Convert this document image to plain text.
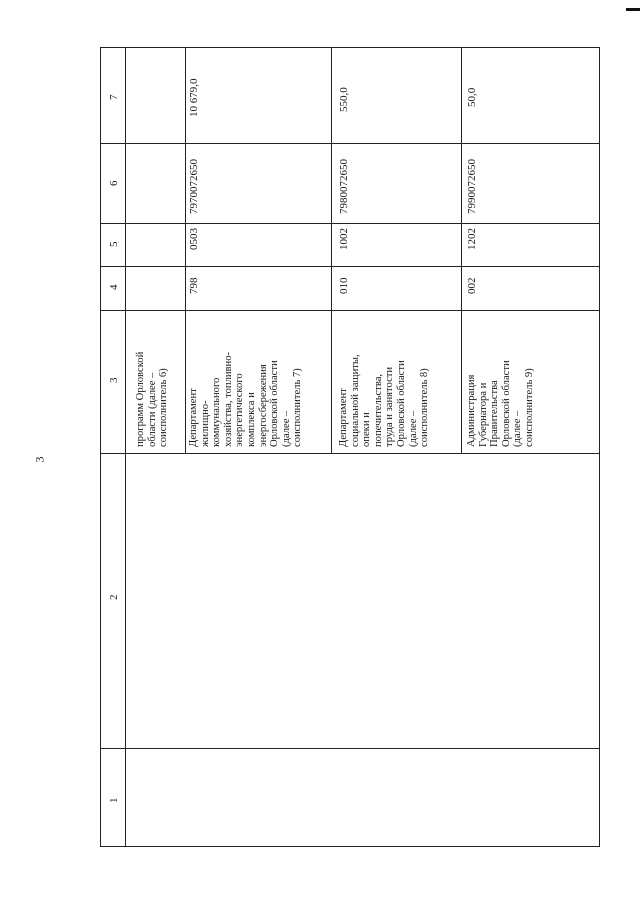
3
7
6
5
4
3
2
1
программ Орловской
области (далее –
соисполнитель 6)
Департамент
жилищно-
коммунального
хозяйства, топливно-
энергетического
комплекса и
энергосбережения
Орловской области
(далее –
соисполнитель 7)
798
0503
7970072650
10 679,0
Департамент
социальной защиты,
опеки и
попечительства,
труда и занятости
Орловской области
(далее –
соисполнитель 8)
010
1002
7980072650
550,0
Администрация
Губернатора и
Правительства
Орловской области
(далее –
соисполнитель 9)
002
1202
7990072650
50,0
